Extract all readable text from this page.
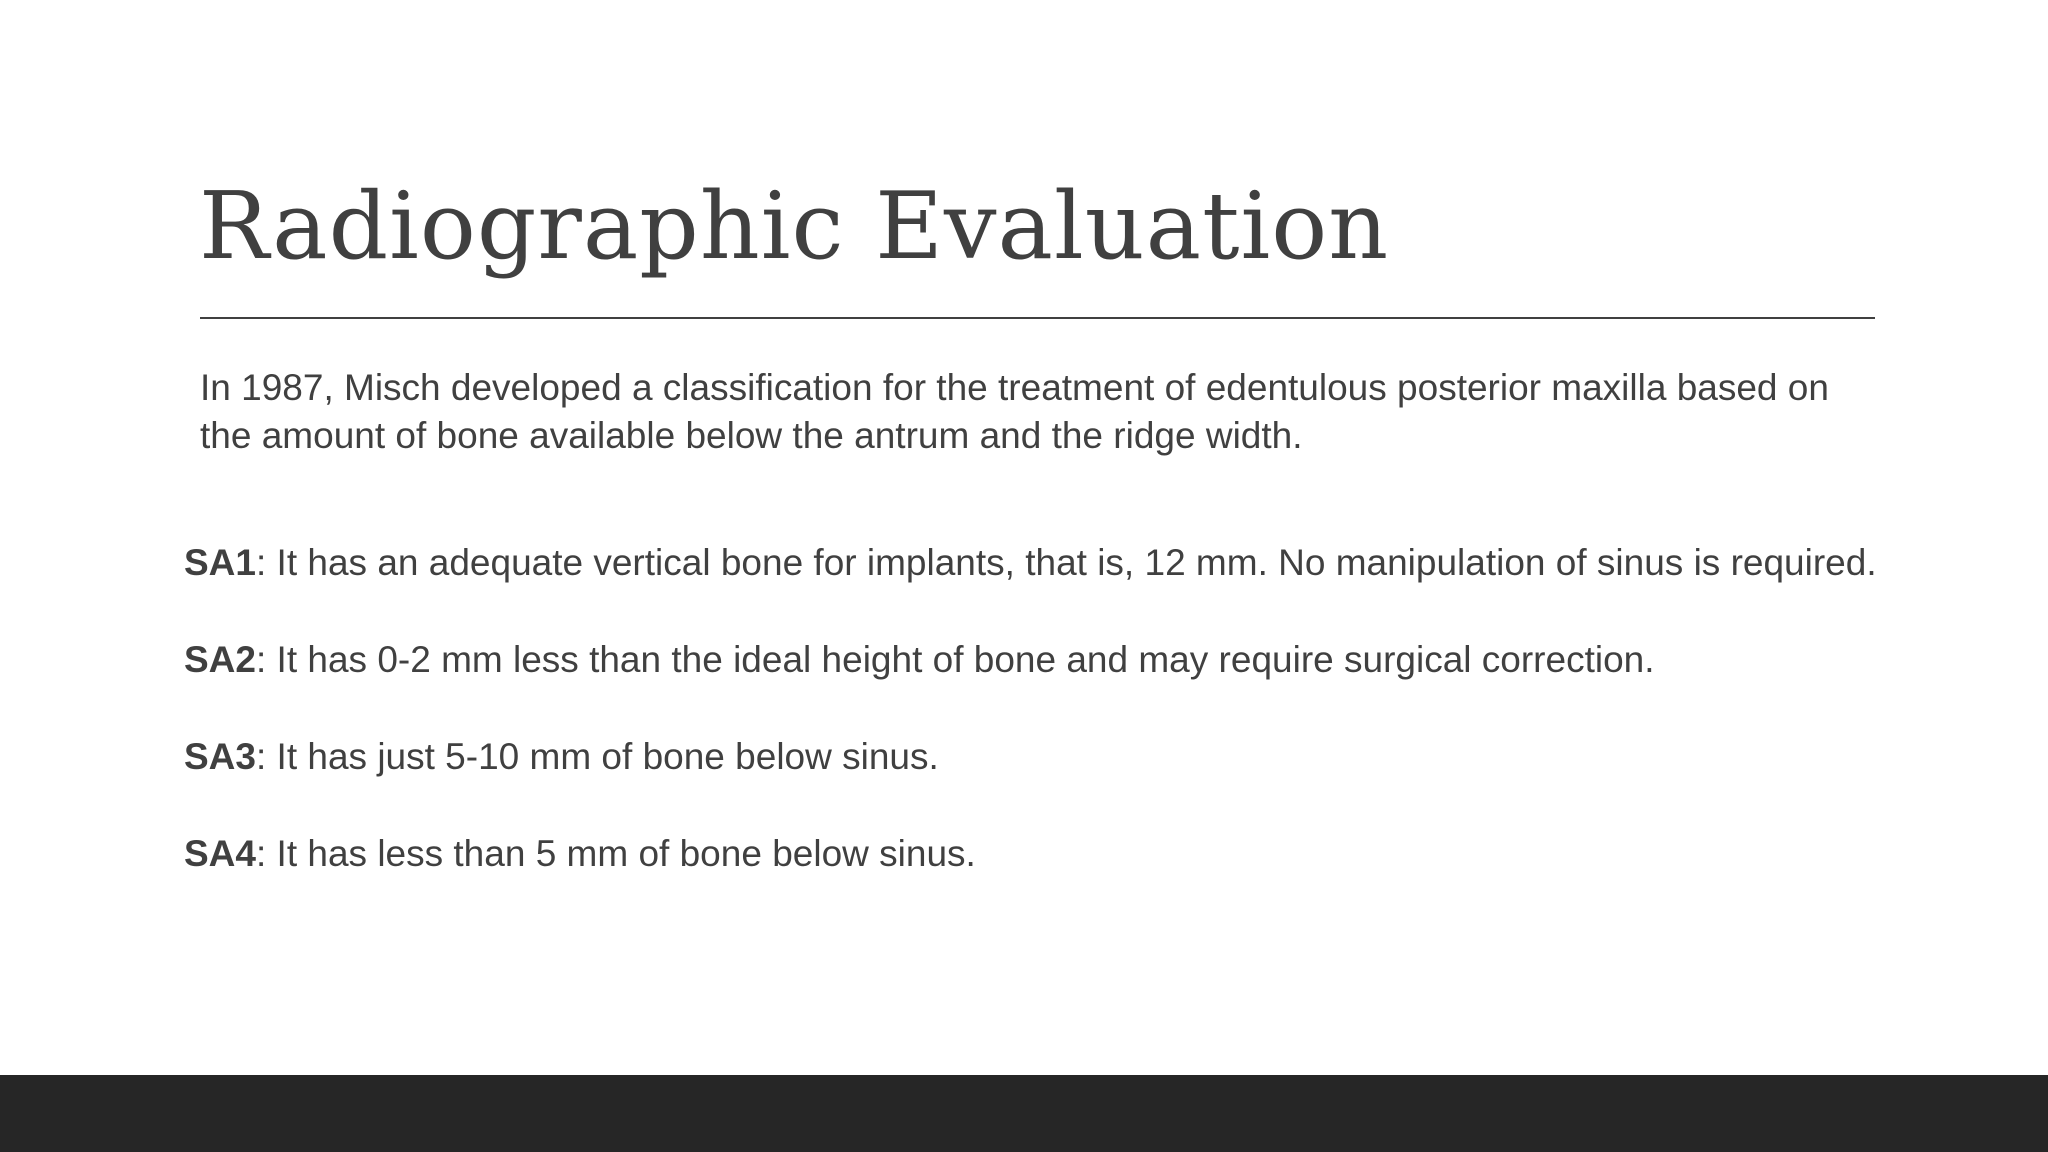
Radiographic Evaluation

In 1987, Misch developed a classification for the treatment of edentulous posterior maxilla based on the amount of bone available below the antrum and the ridge width.

SA1: It has an adequate vertical bone for implants, that is, 12 mm. No manipulation of sinus is required.
SA2: It has 0-2 mm less than the ideal height of bone and may require surgical correction.
SA3: It has just 5-10 mm of bone below sinus.
SA4: It has less than 5 mm of bone below sinus.
